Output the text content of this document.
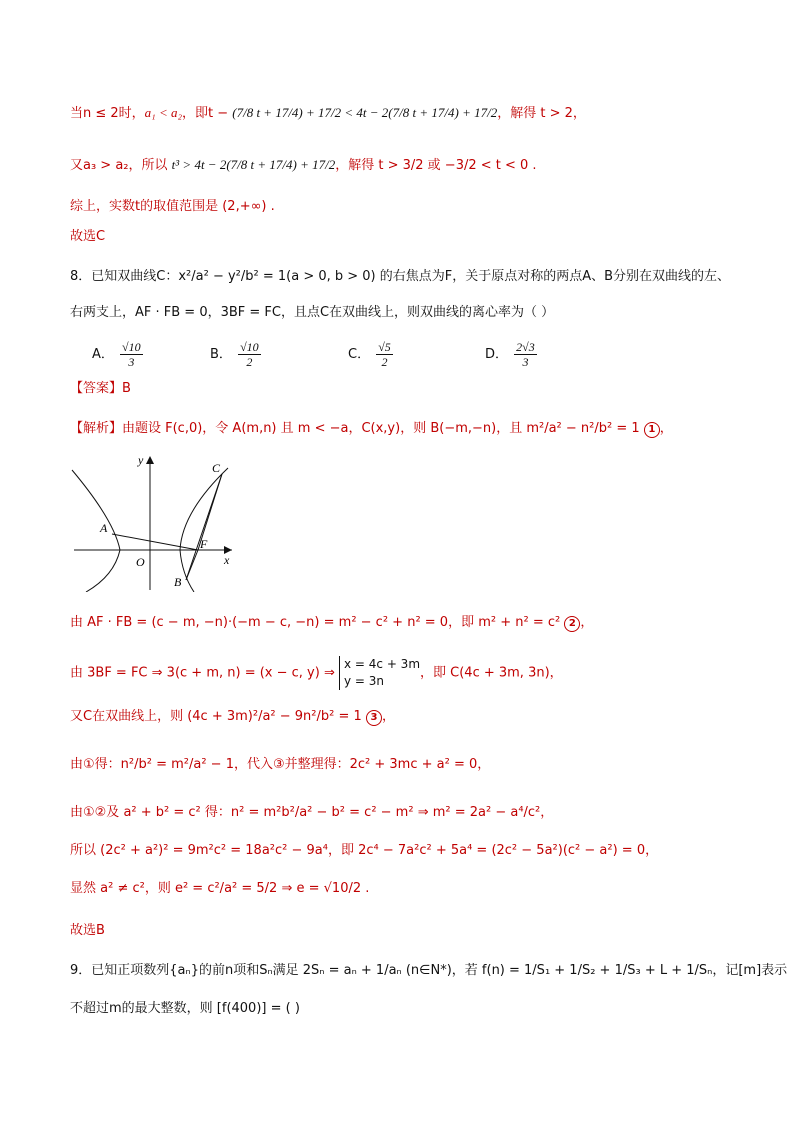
当n ≤ 2时，a₁ < a₂，即t − (7/8 t + 17/4) + 17/2 < 4t − 2(7/8 t + 17/4) + 17/2，解得 t > 2，
又a₃ > a₂，所以 t³ > 4t − 2(7/8 t + 17/4) + 17/2，解得 t > 3/2 或 −3/2 < t < 0 .
综上，实数t的取值范围是 (2,+∞) .
故选C
8．已知双曲线C：x²/a² − y²/b² = 1(a > 0, b > 0) 的右焦点为F，关于原点对称的两点A、B分别在双曲线的左、
右两支上，AF · FB = 0，3BF = FC，且点C在双曲线上，则双曲线的离心率为（ ）
A． $\frac{√10}{3}$	B． $\frac{√10}{2}$	C． $\frac{√5}{2}$	D． $\frac{2√3}{3}$
【答案】B
【解析】由题设 F(c,0)，令 A(m,n) 且 m < −a，C(x,y)，则 B(−m,−n)，且 m²/a² − n²/b² = 1 1 ，
y
x
O
A
B
C
F
由 AF · FB = (c − m, −n)·(−m − c, −n) = m² − c² + n² = 0，即 m² + n² = c² 2 ，
由 3BF = FC ⇒ 3(c + m, n) = (x − c, y) ⇒
x = 4c + 3m
y = 3n
，即 C(4c + 3m, 3n)，
又C在双曲线上，则 (4c + 3m)²/a² − 9n²/b² = 1 3 ，
由①得：n²/b² = m²/a² − 1，代入③并整理得：2c² + 3mc + a² = 0，
由①②及 a² + b² = c² 得：n² = m²b²/a² − b² = c² − m² ⇒ m² = 2a² − a⁴/c²，
所以 (2c² + a²)² = 9m²c² = 18a²c² − 9a⁴，即 2c⁴ − 7a²c² + 5a⁴ = (2c² − 5a²)(c² − a²) = 0，
显然 a² ≠ c²，则 e² = c²/a² = 5/2 ⇒ e = √10/2 .
故选B
9．已知正项数列{aₙ}的前n项和Sₙ满足 2Sₙ = aₙ + 1/aₙ (n∈N*)，若 f(n) = 1/S₁ + 1/S₂ + 1/S₃ + L + 1/Sₙ，记[m]表示
不超过m的最大整数，则 [f(400)] = ( )
